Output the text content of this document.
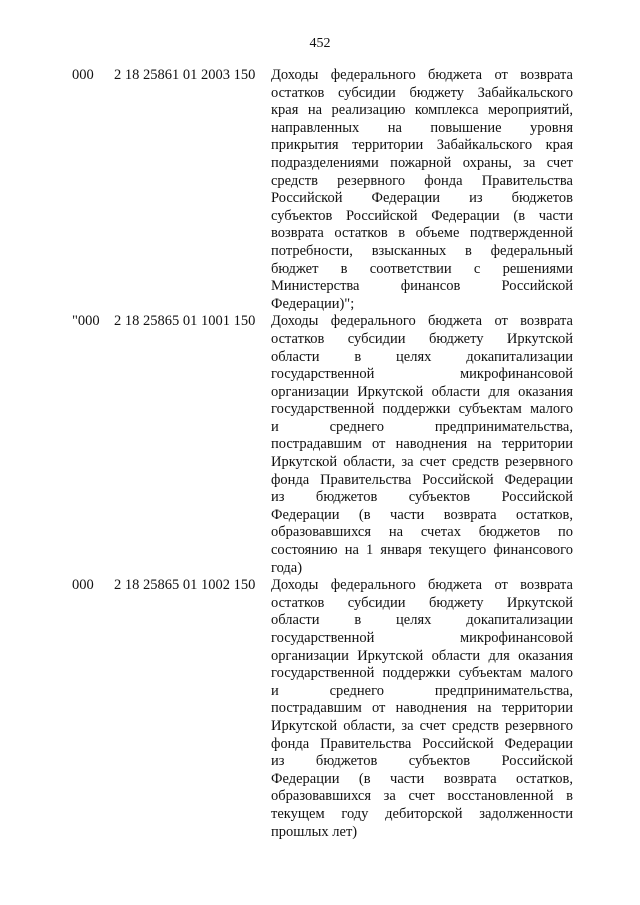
452
000 2 18 25861 01 2003 150 Доходы федерального бюджета от возврата
остатков субсидии бюджету Забайкальского
края на реализацию комплекса мероприятий,
направленных на повышение уровня
прикрытия территории Забайкальского края
подразделениями пожарной охраны, за счет
средств резервного фонда Правительства
Российской Федерации из бюджетов
субъектов Российской Федерации (в части
возврата остатков в объеме подтвержденной
потребности, взысканных в федеральный
бюджет в соответствии с решениями
Министерства финансов Российской
Федерации)";
"000 2 18 25865 01 1001 150 Доходы федерального бюджета от возврата
остатков субсидии бюджету Иркутской
области в целях докапитализации
государственной микрофинансовой
организации Иркутской области для оказания
государственной поддержки субъектам малого
и среднего предпринимательства,
пострадавшим от наводнения на территории
Иркутской области, за счет средств резервного
фонда Правительства Российской Федерации
из бюджетов субъектов Российской
Федерации (в части возврата остатков,
образовавшихся на счетах бюджетов по
состоянию на 1 января текущего финансового
года)
000 2 18 25865 01 1002 150 Доходы федерального бюджета от возврата
остатков субсидии бюджету Иркутской
области в целях докапитализации
государственной микрофинансовой
организации Иркутской области для оказания
государственной поддержки субъектам малого
и среднего предпринимательства,
пострадавшим от наводнения на территории
Иркутской области, за счет средств резервного
фонда Правительства Российской Федерации
из бюджетов субъектов Российской
Федерации (в части возврата остатков,
образовавшихся за счет восстановленной в
текущем году дебиторской задолженности
прошлых лет)
